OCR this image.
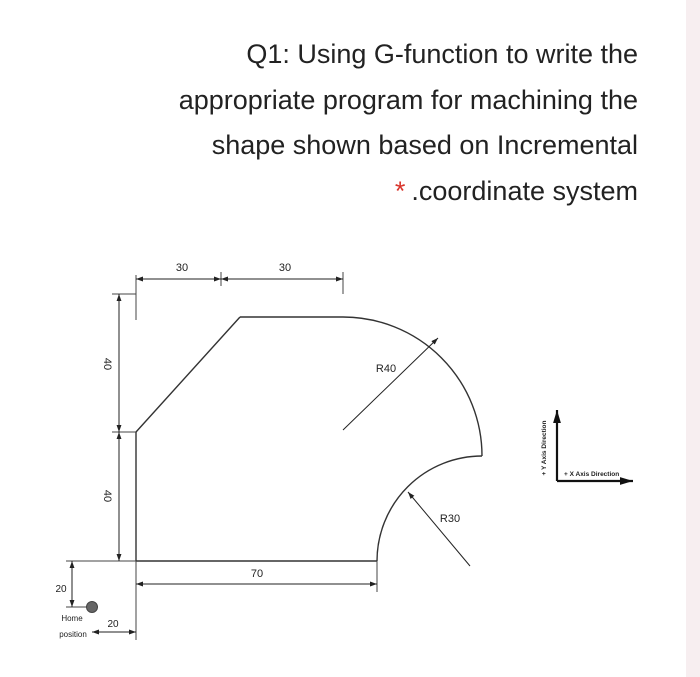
Q1: Using G-function to write the
appropriate program for machining the
shape shown based on Incremental
* .coordinate system
30	30
40
40
70
20
20
R40
R30
Home
position
+ Y Axis Direction + X Axis Direction
